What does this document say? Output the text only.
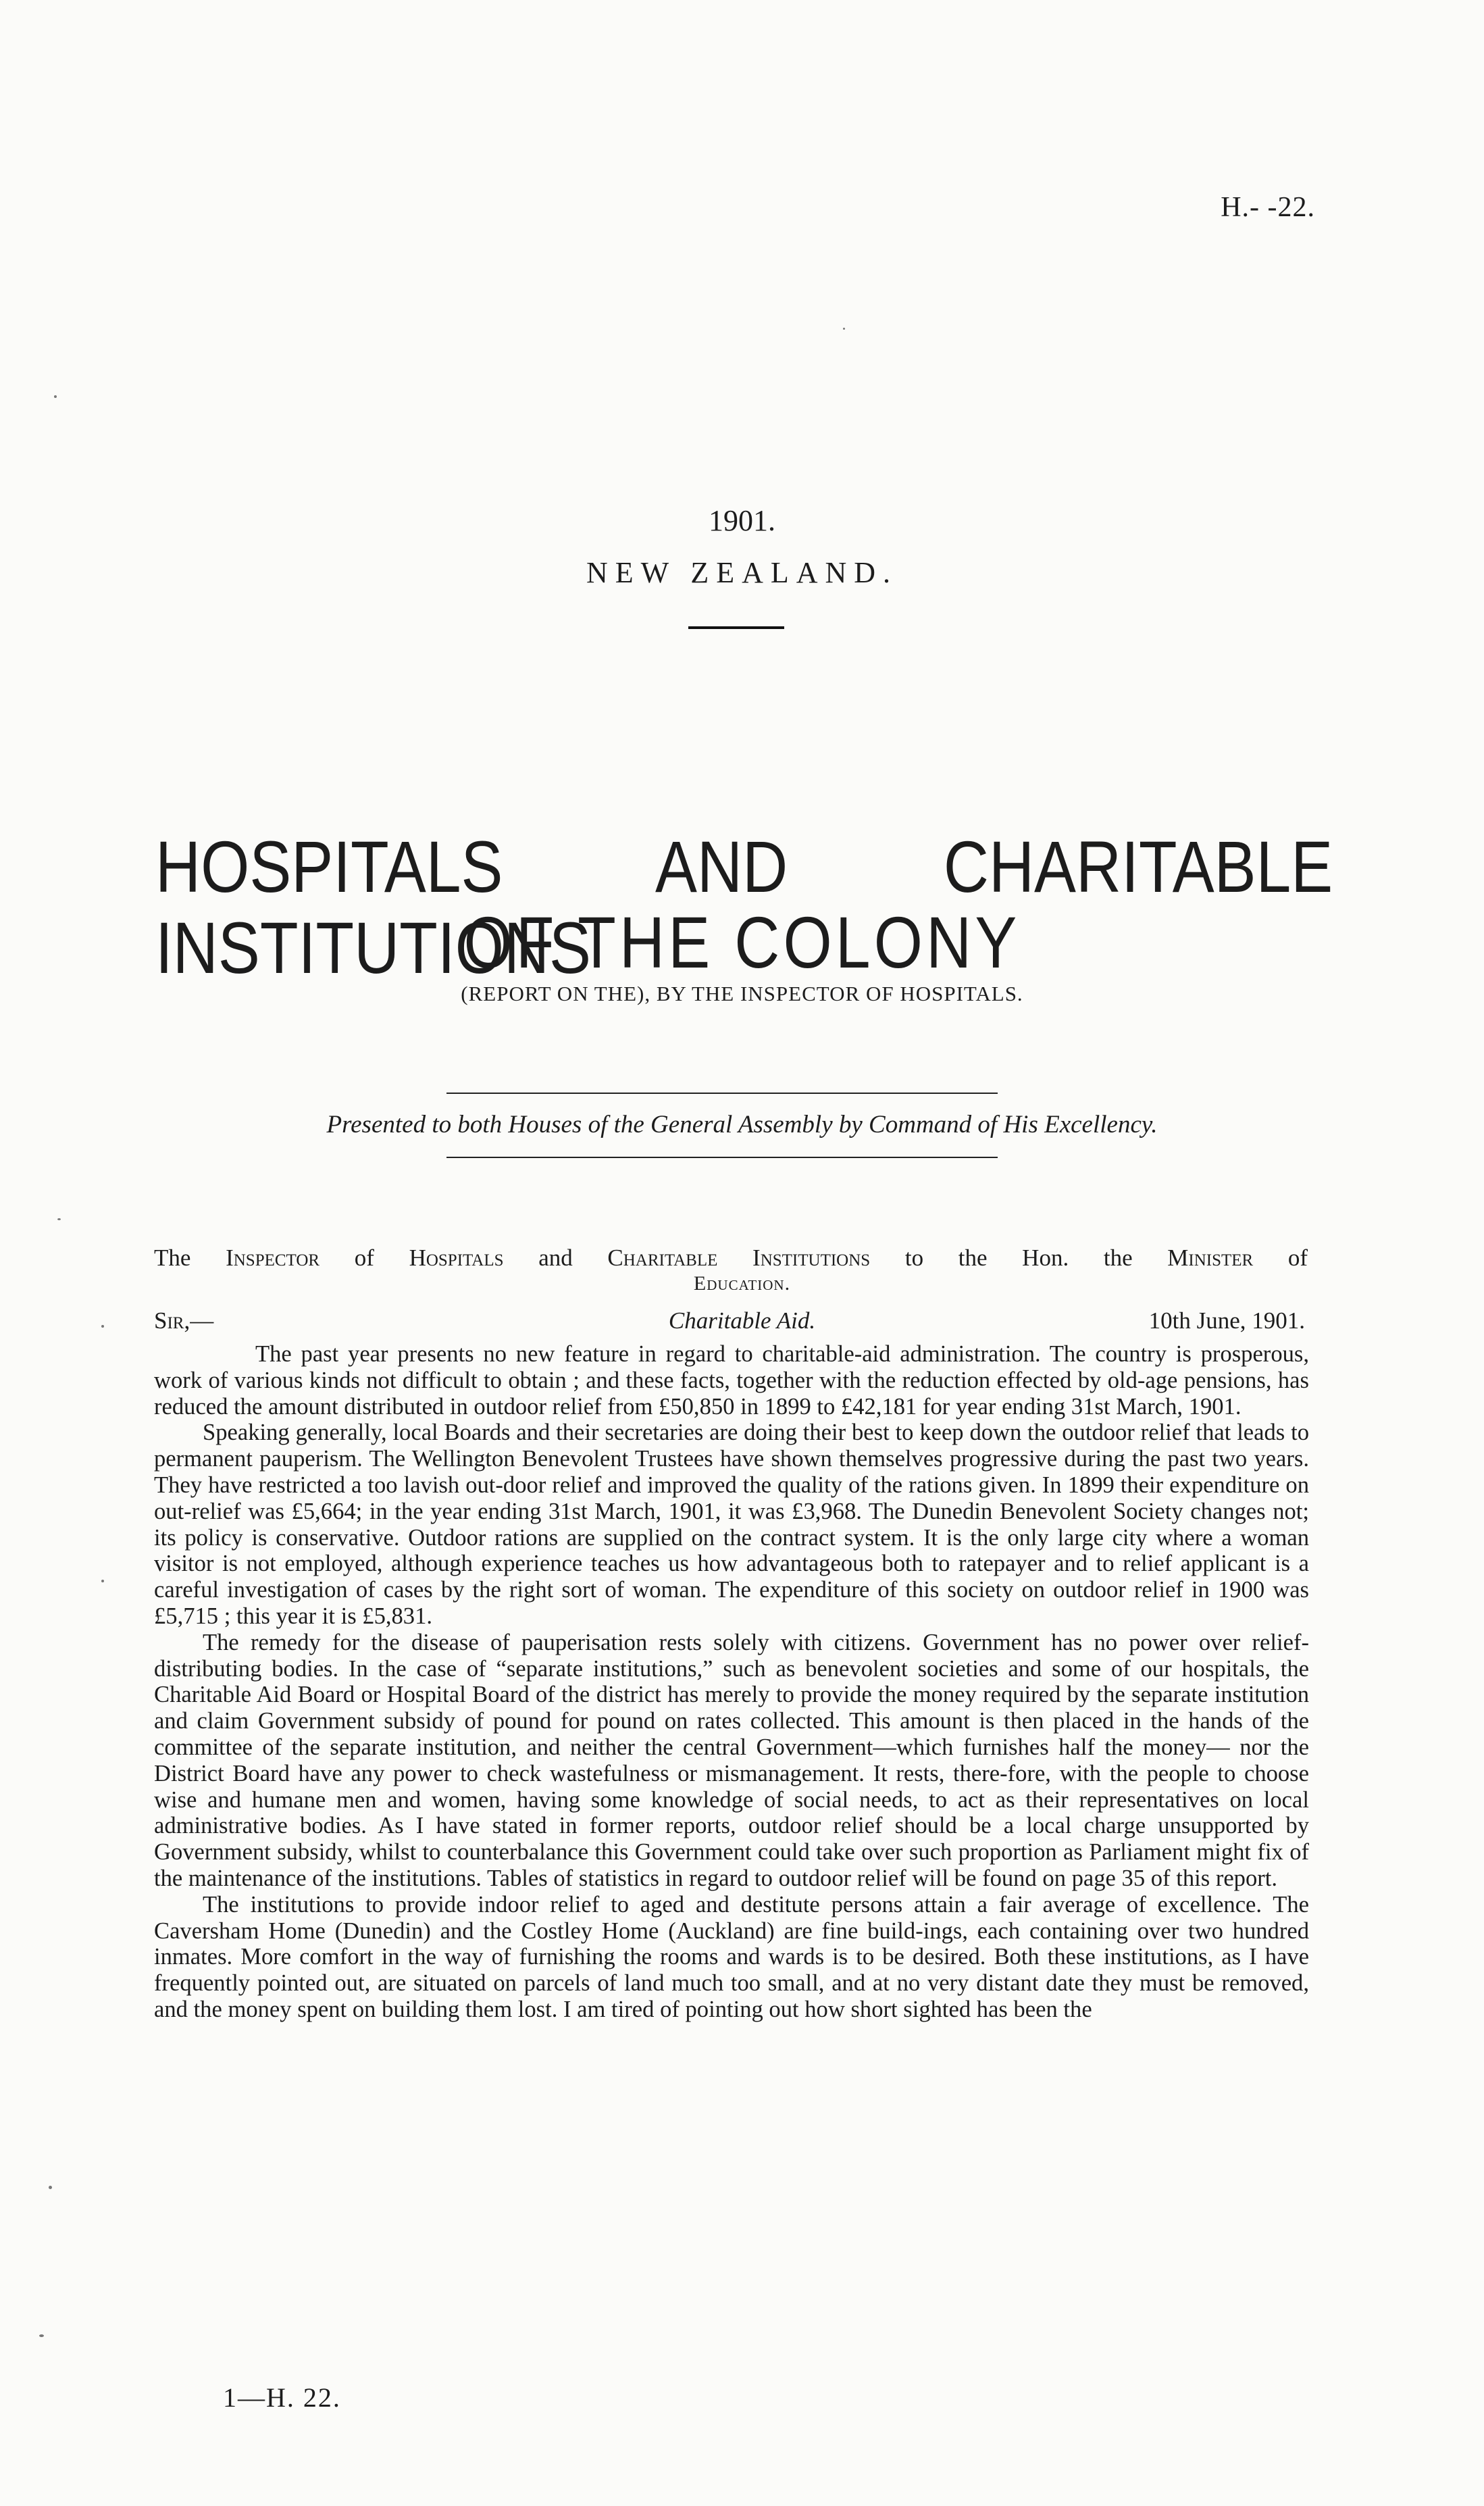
H.- -22.
1901.
NEW ZEALAND.
HOSPITALS AND CHARITABLE INSTITUTIONS
OF THE COLONY
(REPORT ON THE), BY THE INSPECTOR OF HOSPITALS.
Presented to both Houses of the General Assembly by Command of His Excellency.
The Inspector of Hospitals and Charitable Institutions to the Hon. the Minister of
Education.
Sir,—	Charitable Aid.	10th June, 1901.

The past year presents no new feature in regard to charitable-aid administration. The country is prosperous, work of various kinds not difficult to obtain ; and these facts, together with the reduction effected by old-age pensions, has reduced the amount distributed in outdoor relief from £50,850 in 1899 to £42,181 for year ending 31st March, 1901.

Speaking generally, local Boards and their secretaries are doing their best to keep down the outdoor relief that leads to permanent pauperism. The Wellington Benevolent Trustees have shown themselves progressive during the past two years. They have restricted a too lavish out-door relief and improved the quality of the rations given. In 1899 their expenditure on out-relief was £5,664; in the year ending 31st March, 1901, it was £3,968. The Dunedin Benevolent Society changes not; its policy is conservative. Outdoor rations are supplied on the contract system. It is the only large city where a woman visitor is not employed, although experience teaches us how advantageous both to ratepayer and to relief applicant is a careful investigation of cases by the right sort of woman. The expenditure of this society on outdoor relief in 1900 was £5,715 ; this year it is £5,831.

The remedy for the disease of pauperisation rests solely with citizens. Government has no power over relief-distributing bodies. In the case of “separate institutions,” such as benevolent societies and some of our hospitals, the Charitable Aid Board or Hospital Board of the district has merely to provide the money required by the separate institution and claim Government subsidy of pound for pound on rates collected. This amount is then placed in the hands of the committee of the separate institution, and neither the central Government—which furnishes half the money— nor the District Board have any power to check wastefulness or mismanagement. It rests, there-fore, with the people to choose wise and humane men and women, having some knowledge of social needs, to act as their representatives on local administrative bodies. As I have stated in former reports, outdoor relief should be a local charge unsupported by Government subsidy, whilst to counterbalance this Government could take over such proportion as Parliament might fix of the maintenance of the institutions. Tables of statistics in regard to outdoor relief will be found on page 35 of this report.

The institutions to provide indoor relief to aged and destitute persons attain a fair average of excellence. The Caversham Home (Dunedin) and the Costley Home (Auckland) are fine build-ings, each containing over two hundred inmates. More comfort in the way of furnishing the rooms and wards is to be desired. Both these institutions, as I have frequently pointed out, are situated on parcels of land much too small, and at no very distant date they must be removed, and the money spent on building them lost. I am tired of pointing out how short sighted has been the

1—H. 22.
